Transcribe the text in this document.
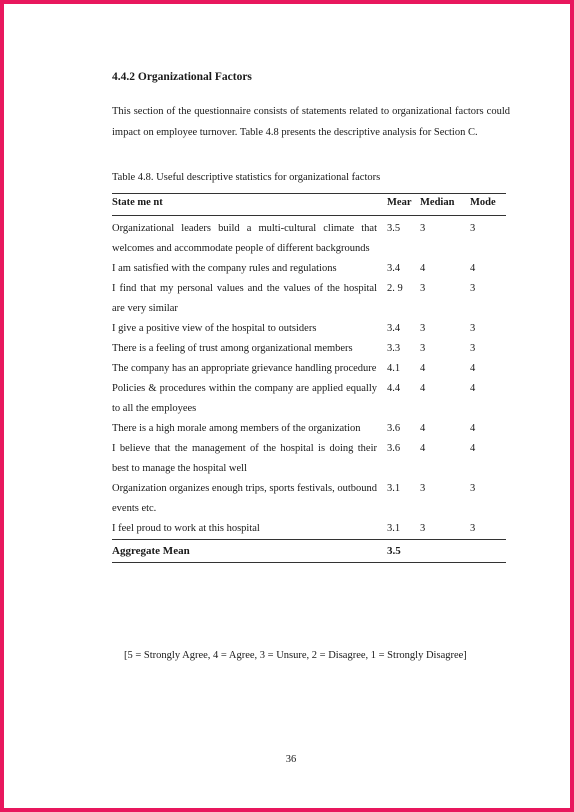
4.4.2 Organizational Factors
This section of the questionnaire consists of statements related to organizational factors could impact on employee turnover. Table 4.8 presents the descriptive analysis for Section C.
Table 4.8. Useful descriptive statistics for organizational factors
State me nt	Mear	Median	Mode
Organizational leaders build a multi-cultural climate that welcomes and accommodate people of different backgrounds	3.5	3	3
I am satisfied with the company rules and regulations	3.4	4	4
I find that my personal values and the values of the hospital are very similar	2. 9	3	3
I give a positive view of the hospital to outsiders	3.4	3	3
There is a feeling of trust among organizational members	3.3	3	3
The company has an appropriate grievance handling procedure	4.1	4	4
Policies & procedures within the company are applied equally to all the employees	4.4	4	4
There is a high morale among members of the organization	3.6	4	4
I believe that the management of the hospital is doing their best to manage the hospital well	3.6	4	4
Organization organizes enough trips, sports festivals, outbound events etc.	3.1	3	3
I feel proud to work at this hospital	3.1	3	3
Aggregate Mean	3.5		
[5 = Strongly Agree, 4 = Agree, 3 = Unsure, 2 = Disagree, 1 = Strongly Disagree]
36
